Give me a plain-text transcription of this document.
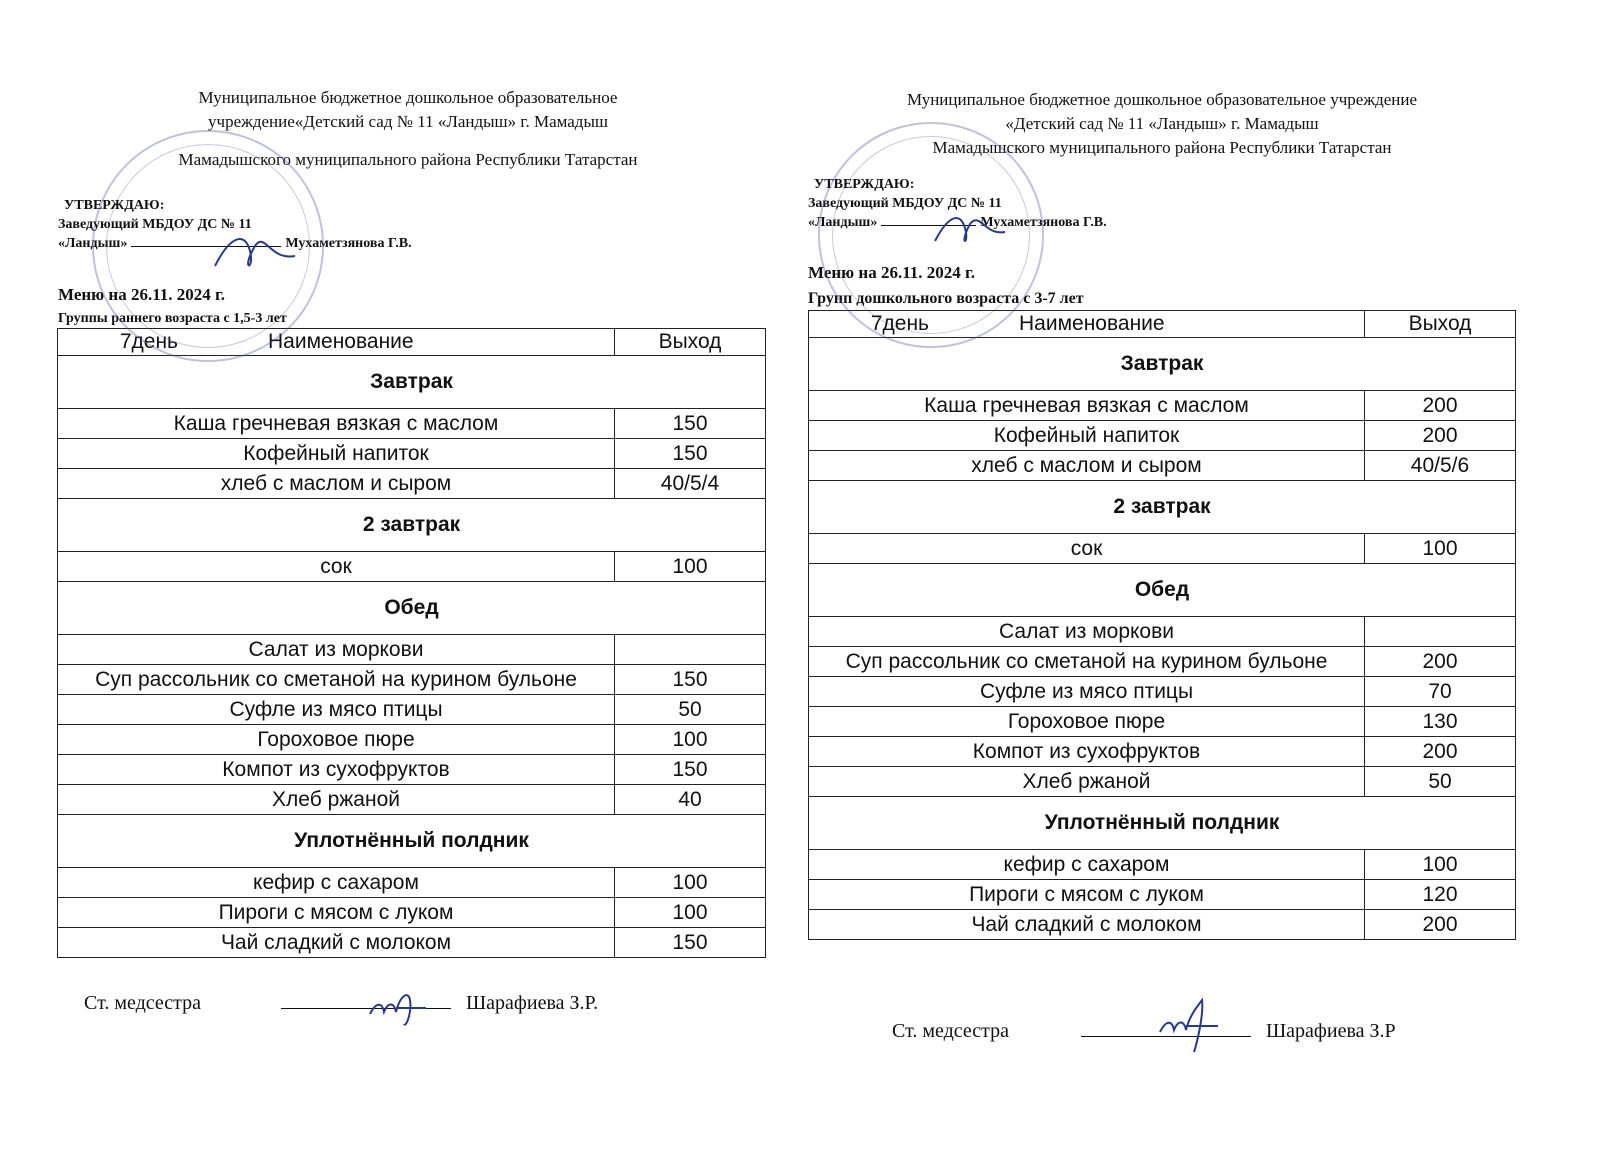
Муниципальное бюджетное дошкольное образовательное
учреждение«Детский сад № 11 «Ландыш» г. Мамадыш
Мамадышского муниципального района Республики Татарстан
УТВЕРЖДАЮ:
Заведующий МБДОУ ДС № 11
«Ландыш»	Мухаметзянова Г.В.
Меню на 26.11. 2024 г.
Группы раннего возраста с 1,5-3 лет
7день Наименование	Выход
Завтрак	
Каша гречневая вязкая с маслом	150
Кофейный напиток	150
хлеб с маслом и сыром	40/5/4
2 завтрак	
сок	100
Обед	
Салат из моркови	
Суп рассольник со сметаной на курином бульоне	150
Суфле из мясо птицы	50
Гороховое пюре	100
Компот из сухофруктов	150
Хлеб ржаной	40
Уплотнённый полдник	
кефир с сахаром	100
Пироги с мясом с луком	100
Чай сладкий с молоком	150
Ст. медсестра	Шарафиева З.Р.
Муниципальное бюджетное дошкольное образовательное учреждение
«Детский сад № 11 «Ландыш» г. Мамадыш
Мамадышского муниципального района Республики Татарстан
УТВЕРЖДАЮ:
Заведующий МБДОУ ДС № 11
«Ландыш»	Мухаметзянова Г.В.
Меню на 26.11. 2024 г.
Групп дошкольного возраста с 3-7 лет
7день Наименование	Выход
Завтрак	
Каша гречневая вязкая с маслом	200
Кофейный напиток	200
хлеб с маслом и сыром	40/5/6
2 завтрак	
сок	100
Обед	
Салат из моркови	
Суп рассольник со сметаной на курином бульоне	200
Суфле из мясо птицы	70
Гороховое пюре	130
Компот из сухофруктов	200
Хлеб ржаной	50
Уплотнённый полдник	
кефир с сахаром	100
Пироги с мясом с луком	120
Чай сладкий с молоком	200
Ст. медсестра	Шарафиева З.Р
